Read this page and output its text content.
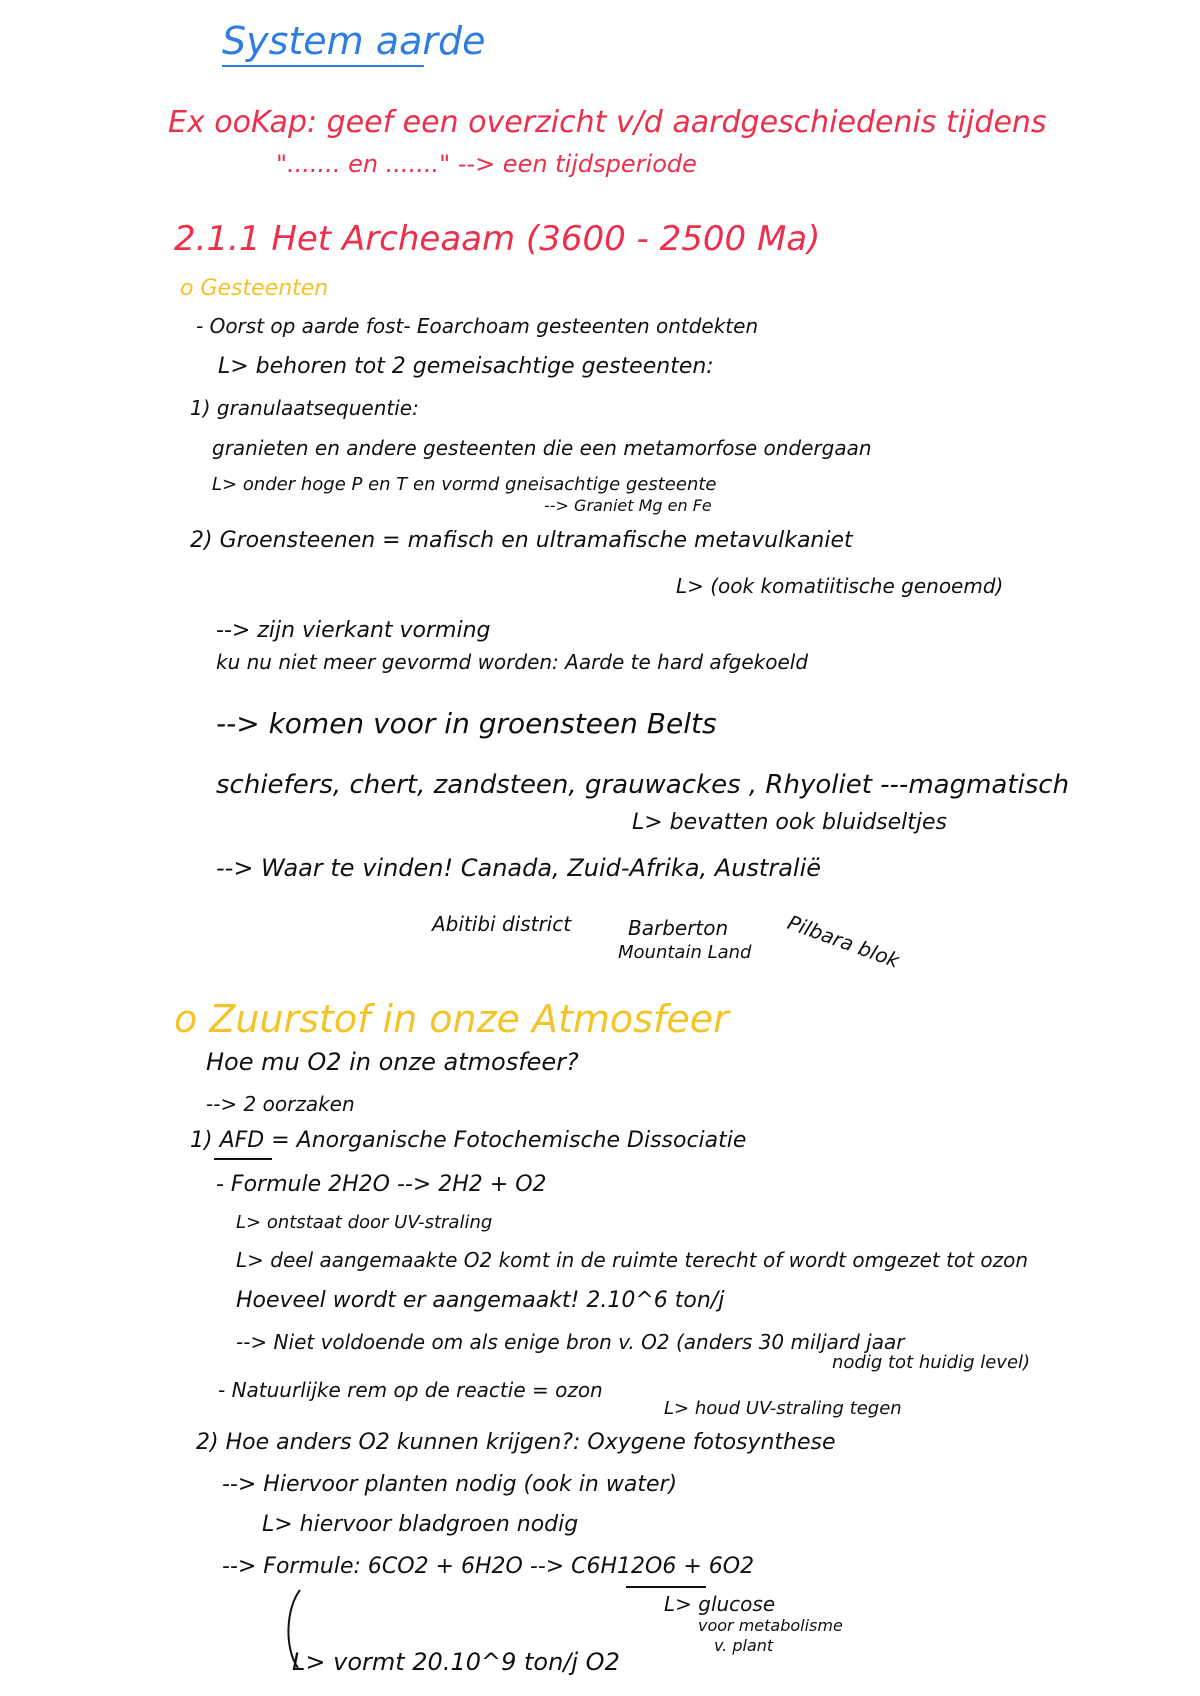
System aarde
Ex ooKap: geef een overzicht v/d aardgeschiedenis tijdens
"....... en ......." --> een tijdsperiode
2.1.1 Het Archeaam (3600 - 2500 Ma)
o Gesteenten
- Oorst op aarde fost- Eoarchoam gesteenten ontdekten
L> behoren tot 2 gemeisachtige gesteenten:
1) granulaatsequentie:
granieten en andere gesteenten die een metamorfose ondergaan
L> onder hoge P en T en vormd gneisachtige gesteente
--> Graniet Mg en Fe
2) Groensteenen = mafisch en ultramafische metavulkaniet
L> (ook komatiitische genoemd)
--> zijn vierkant vorming
ku nu niet meer gevormd worden: Aarde te hard afgekoeld
--> komen voor in groensteen Belts
schiefers, chert, zandsteen, grauwackes , Rhyoliet ---magmatisch
L> bevatten ook bluidseltjes
--> Waar te vinden! Canada, Zuid-Afrika, Australië
Abitibi district	Barberton
Mountain Land Pilbara blok
o Zuurstof in onze Atmosfeer
Hoe mu O2 in onze atmosfeer?
--> 2 oorzaken
1) AFD = Anorganische Fotochemische Dissociatie
- Formule 2H2O --> 2H2 + O2
L> ontstaat door UV-straling
L> deel aangemaakte O2 komt in de ruimte terecht of wordt omgezet tot ozon
Hoeveel wordt er aangemaakt! 2.10^6 ton/j
--> Niet voldoende om als enige bron v. O2 (anders 30 miljard jaar
nodig tot huidig level)
- Natuurlijke rem op de reactie = ozon
L> houd UV-straling tegen
2) Hoe anders O2 kunnen krijgen?: Oxygene fotosynthese
--> Hiervoor planten nodig (ook in water)
L> hiervoor bladgroen nodig
--> Formule: 6CO2 + 6H2O --> C6H12O6 + 6O2
L> glucose
voor metabolisme
v. plant
L> vormt 20.10^9 ton/j O2
